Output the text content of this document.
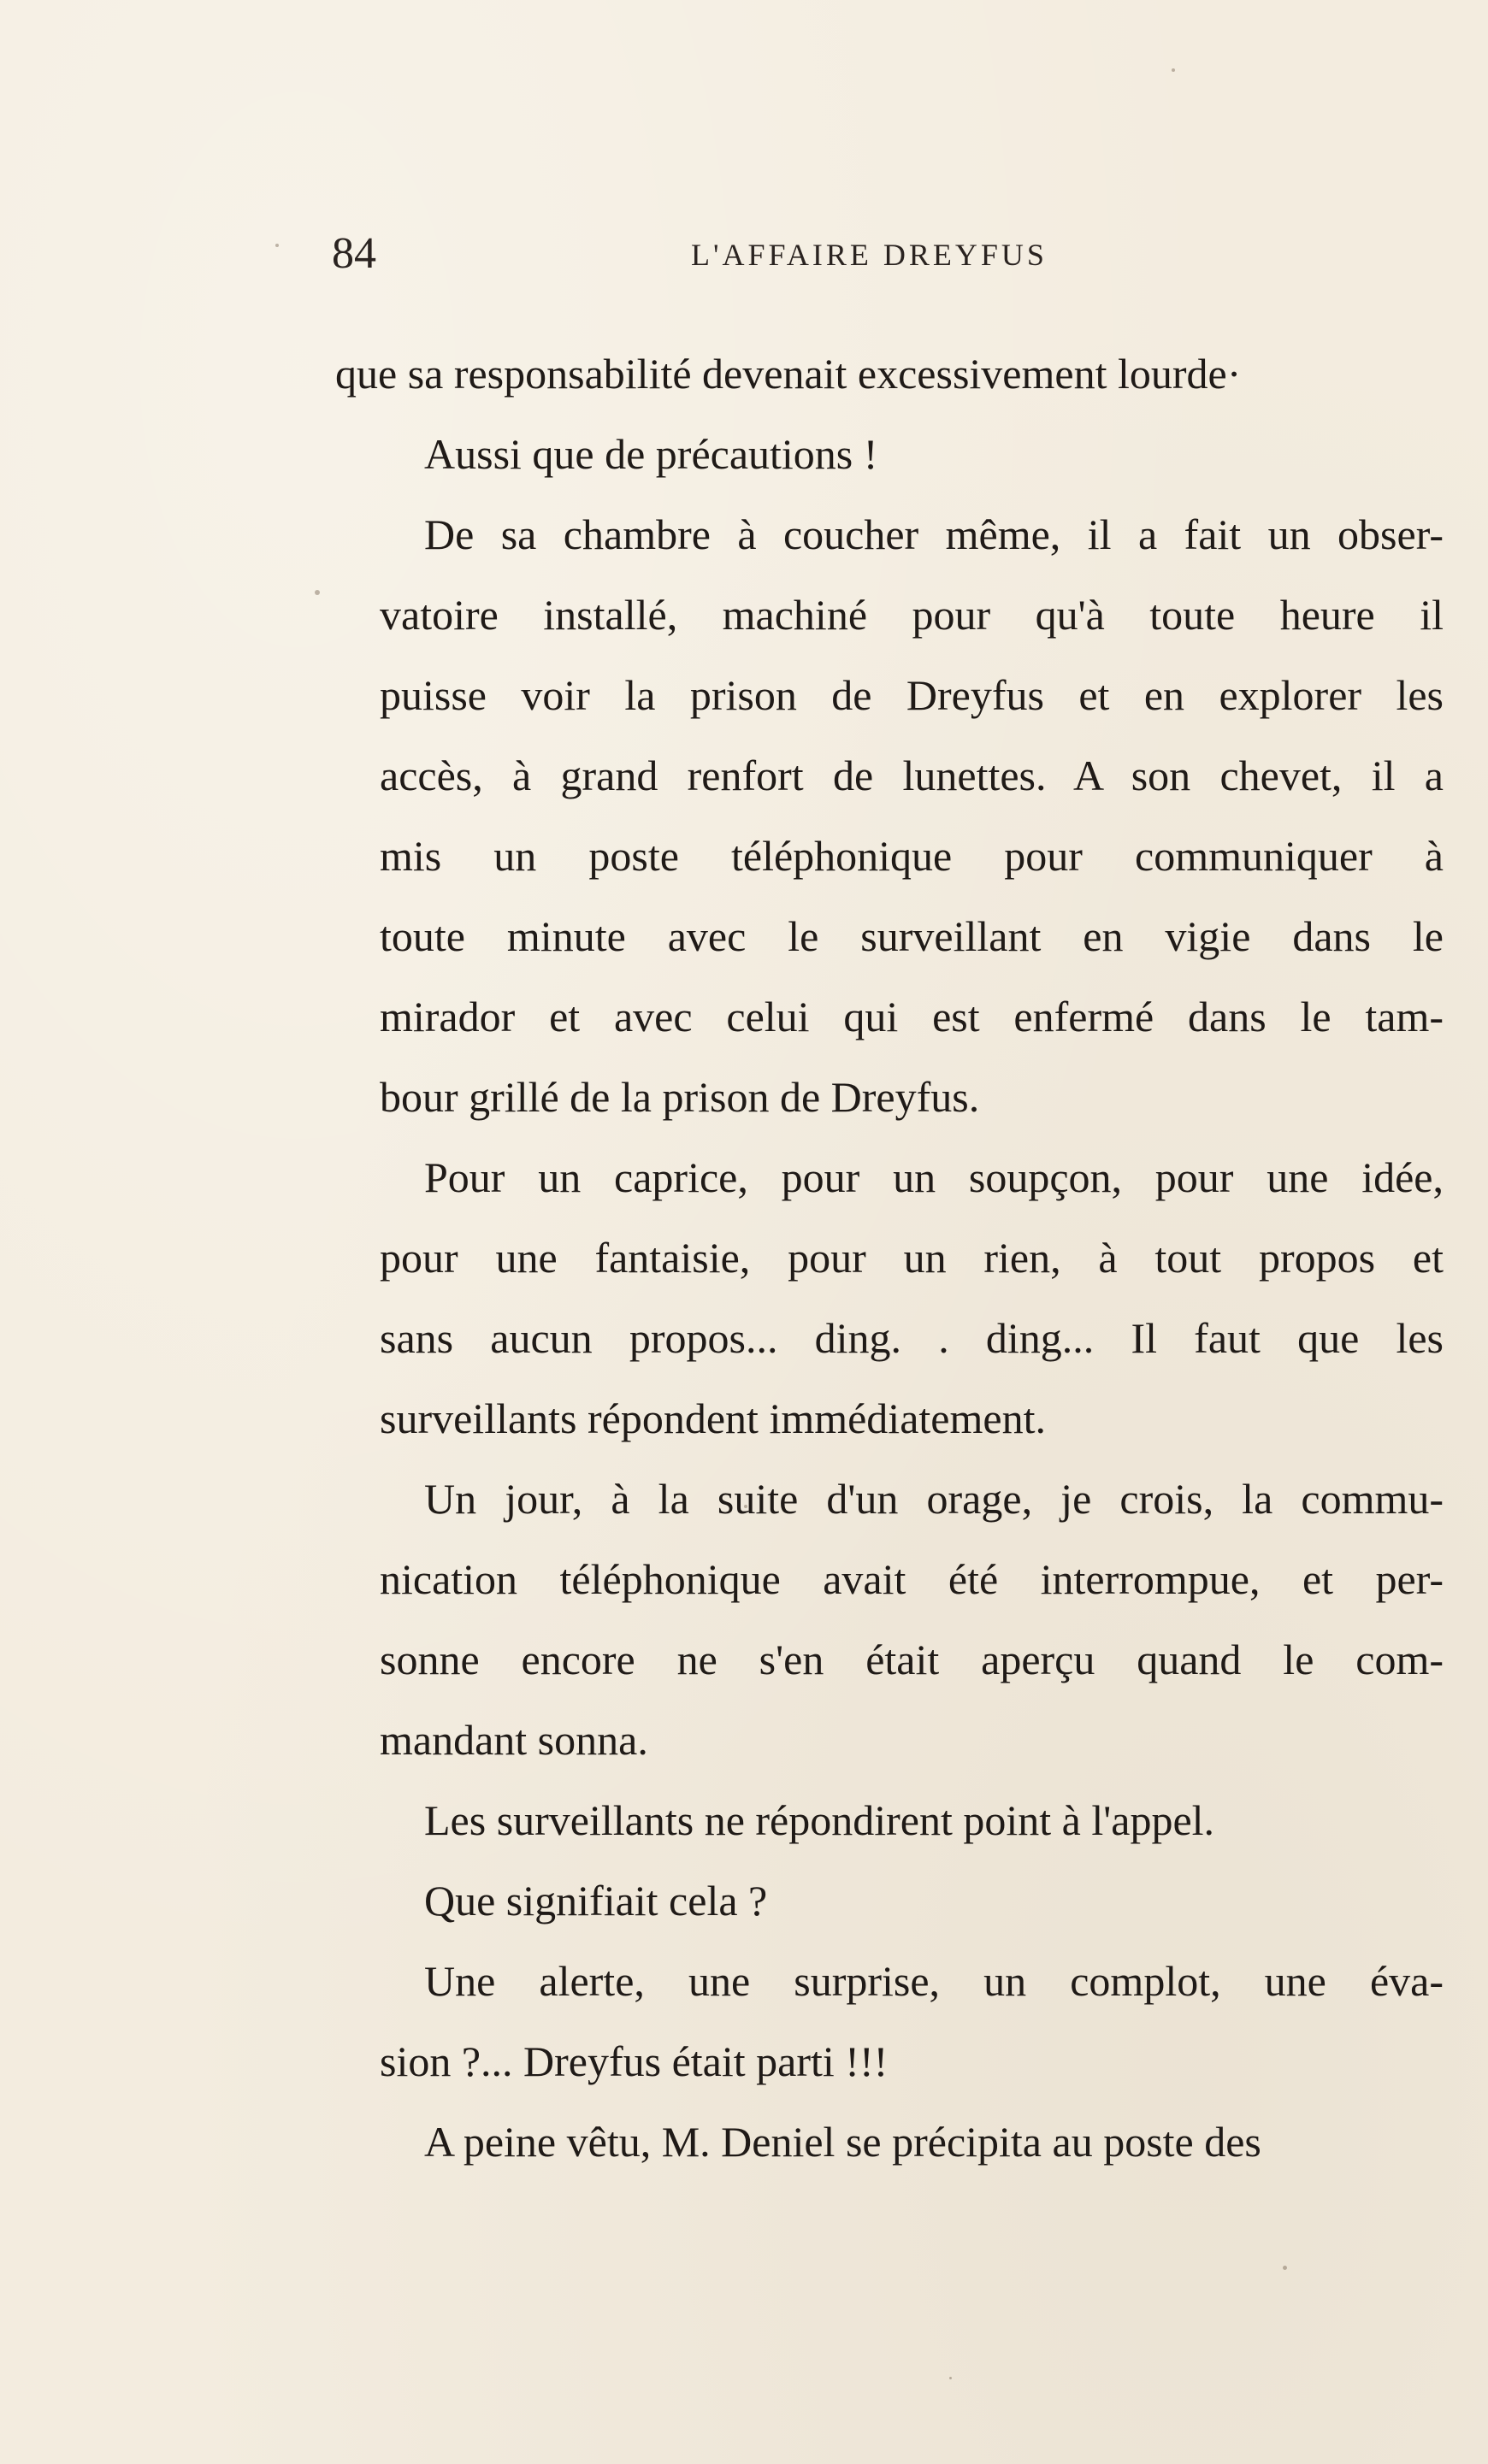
84	L'AFFAIRE DREYFUS
que sa responsabilité devenait excessivement lourde·
Aussi que de précautions !
De sa chambre à coucher même, il a fait un obser-
vatoire installé, machiné pour qu'à toute heure il
puisse voir la prison de Dreyfus et en explorer les
accès, à grand renfort de lunettes. A son chevet, il a
mis un poste téléphonique pour communiquer à
toute minute avec le surveillant en vigie dans le
mirador et avec celui qui est enfermé dans le tam-
bour grillé de la prison de Dreyfus.
Pour un caprice, pour un soupçon, pour une idée,
pour une fantaisie, pour un rien, à tout propos et
sans aucun propos... ding. . ding... Il faut que les
surveillants répondent immédiatement.
Un jour, à la suite d'un orage, je crois, la commu-
nication téléphonique avait été interrompue, et per-
sonne encore ne s'en était aperçu quand le com-
mandant sonna.
Les surveillants ne répondirent point à l'appel.
Que signifiait cela ?
Une alerte, une surprise, un complot, une éva-
sion ?... Dreyfus était parti !!!
A peine vêtu, M. Deniel se précipita au poste des
